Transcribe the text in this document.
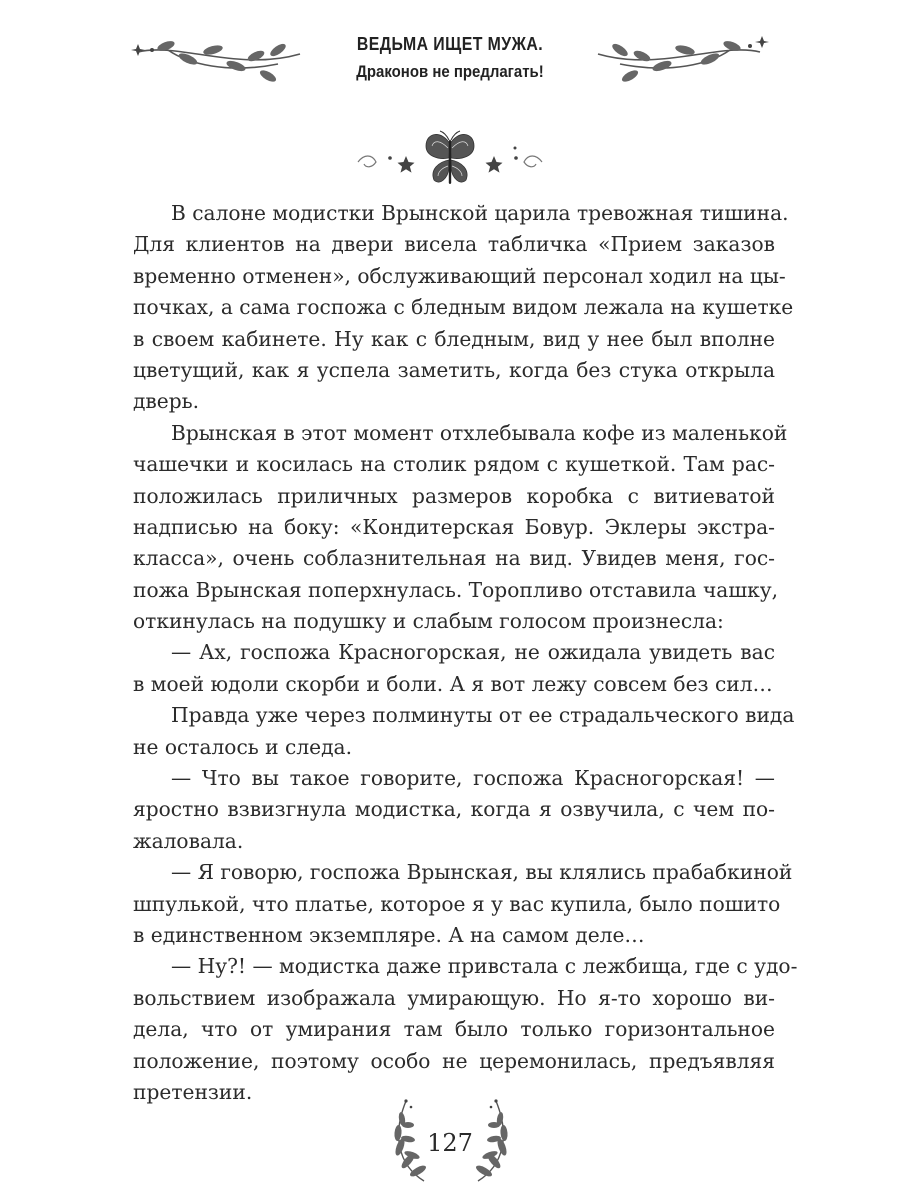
ВЕДЬМА ИЩЕТ МУЖА.
Драконов не предлагать!
В салоне модистки Врынской царила тревожная тишина.
Для клиентов на двери висела табличка «Прием заказов
временно отменен», обслуживающий персонал ходил на цы-
почках, а сама госпожа с бледным видом лежала на кушетке
в своем кабинете. Ну как с бледным, вид у нее был вполне
цветущий, как я успела заметить, когда без стука открыла
дверь.
Врынская в этот момент отхлебывала кофе из маленькой
чашечки и косилась на столик рядом с кушеткой. Там рас-
положилась приличных размеров коробка с витиеватой
надписью на боку: «Кондитерская Бовур. Эклеры экстра-
класса», очень соблазнительная на вид. Увидев меня, гос-
пожа Врынская поперхнулась. Торопливо отставила чашку,
откинулась на подушку и слабым голосом произнесла:
— Ах, госпожа Красногорская, не ожидала увидеть вас
в моей юдоли скорби и боли. А я вот лежу совсем без сил…
Правда уже через полминуты от ее страдальческого вида
не осталось и следа.
— Что вы такое говорите, госпожа Красногорская! —
яростно взвизгнула модистка, когда я озвучила, с чем по-
жаловала.
— Я говорю, госпожа Врынская, вы клялись прабабкиной
шпулькой, что платье, которое я у вас купила, было пошито
в единственном экземпляре. А на самом деле…
— Ну?! — модистка даже привстала с лежбища, где с удо-
вольствием изображала умирающую. Но я-то хорошо ви-
дела, что от умирания там было только горизонтальное
положение, поэтому особо не церемонилась, предъявляя
претензии.
127
